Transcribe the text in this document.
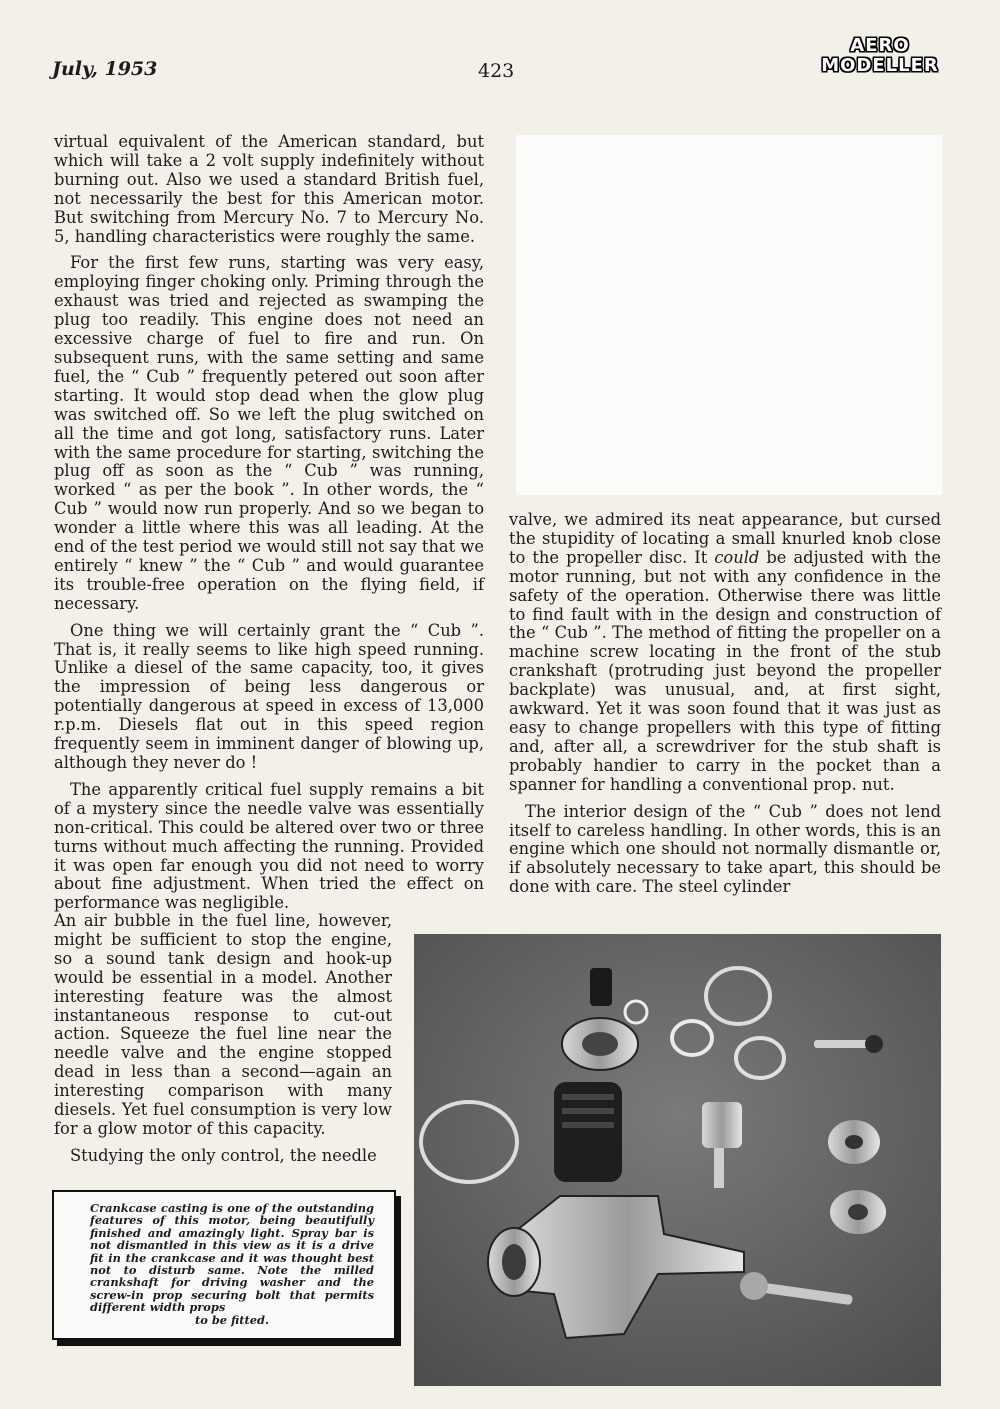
July, 1953	423
AERO
MODELLER

virtual equivalent of the American standard, but which will take a 2 volt supply indefinitely without burning out. Also we used a standard British fuel, not necessarily the best for this American motor. But switching from Mercury No. 7 to Mercury No. 5, handling characteristics were roughly the same.

For the first few runs, starting was very easy, employing finger choking only. Priming through the exhaust was tried and rejected as swamping the plug too readily. This engine does not need an excessive charge of fuel to fire and run. On subsequent runs, with the same setting and same fuel, the “ Cub ” frequently petered out soon after starting. It would stop dead when the glow plug was switched off. So we left the plug switched on all the time and got long, satisfactory runs. Later with the same procedure for starting, switching the plug off as soon as the “ Cub ” was running, worked “ as per the book ”. In other words, the “ Cub ” would now run properly. And so we began to wonder a little where this was all leading. At the end of the test period we would still not say that we entirely “ knew ” the “ Cub ” and would guarantee its trouble-free operation on the flying field, if necessary.

One thing we will certainly grant the “ Cub ”. That is, it really seems to like high speed running. Unlike a diesel of the same capacity, too, it gives the impression of being less dangerous or potentially dangerous at speed in excess of 13,000 r.p.m. Diesels flat out in this speed region frequently seem in imminent danger of blowing up, although they never do !

The apparently critical fuel supply remains a bit of a mystery since the needle valve was essentially non-critical. This could be altered over two or three turns without much affecting the running. Provided it was open far enough you did not need to worry about fine adjustment. When tried the effect on performance was negligible.

An air bubble in the fuel line, however, might be sufficient to stop the engine, so a sound tank design and hook-up would be essential in a model. Another interesting feature was the almost instantaneous response to cut-out action. Squeeze the fuel line near the needle valve and the engine stopped dead in less than a second—again an interesting comparison with many diesels. Yet fuel consumption is very low for a glow motor of this capacity.

Studying the only control, the needle

valve, we admired its neat appearance, but cursed the stupidity of locating a small knurled knob close to the propeller disc. It could be adjusted with the motor running, but not with any confidence in the safety of the operation. Otherwise there was little to find fault with in the design and construction of the “ Cub ”. The method of fitting the propeller on a machine screw locating in the front of the stub crankshaft (protruding just beyond the propeller backplate) was unusual, and, at first sight, awkward. Yet it was soon found that it was just as easy to change propellers with this type of fitting and, after all, a screwdriver for the stub shaft is probably handier to carry in the pocket than a spanner for handling a conventional prop. nut.

The interior design of the “ Cub ” does not lend itself to careless handling. In other words, this is an engine which one should not normally dismantle or, if absolutely necessary to take apart, this should be done with care. The steel cylinder

Crankcase casting is one of the outstanding features of this motor, being beautifully finished and amazingly light. Spray bar is not dismantled in this view as it is a drive fit in the crankcase and it was thought best not to disturb same. Note the milled crankshaft for driving washer and the screw-in prop securing bolt that permits different width props
to be fitted.
